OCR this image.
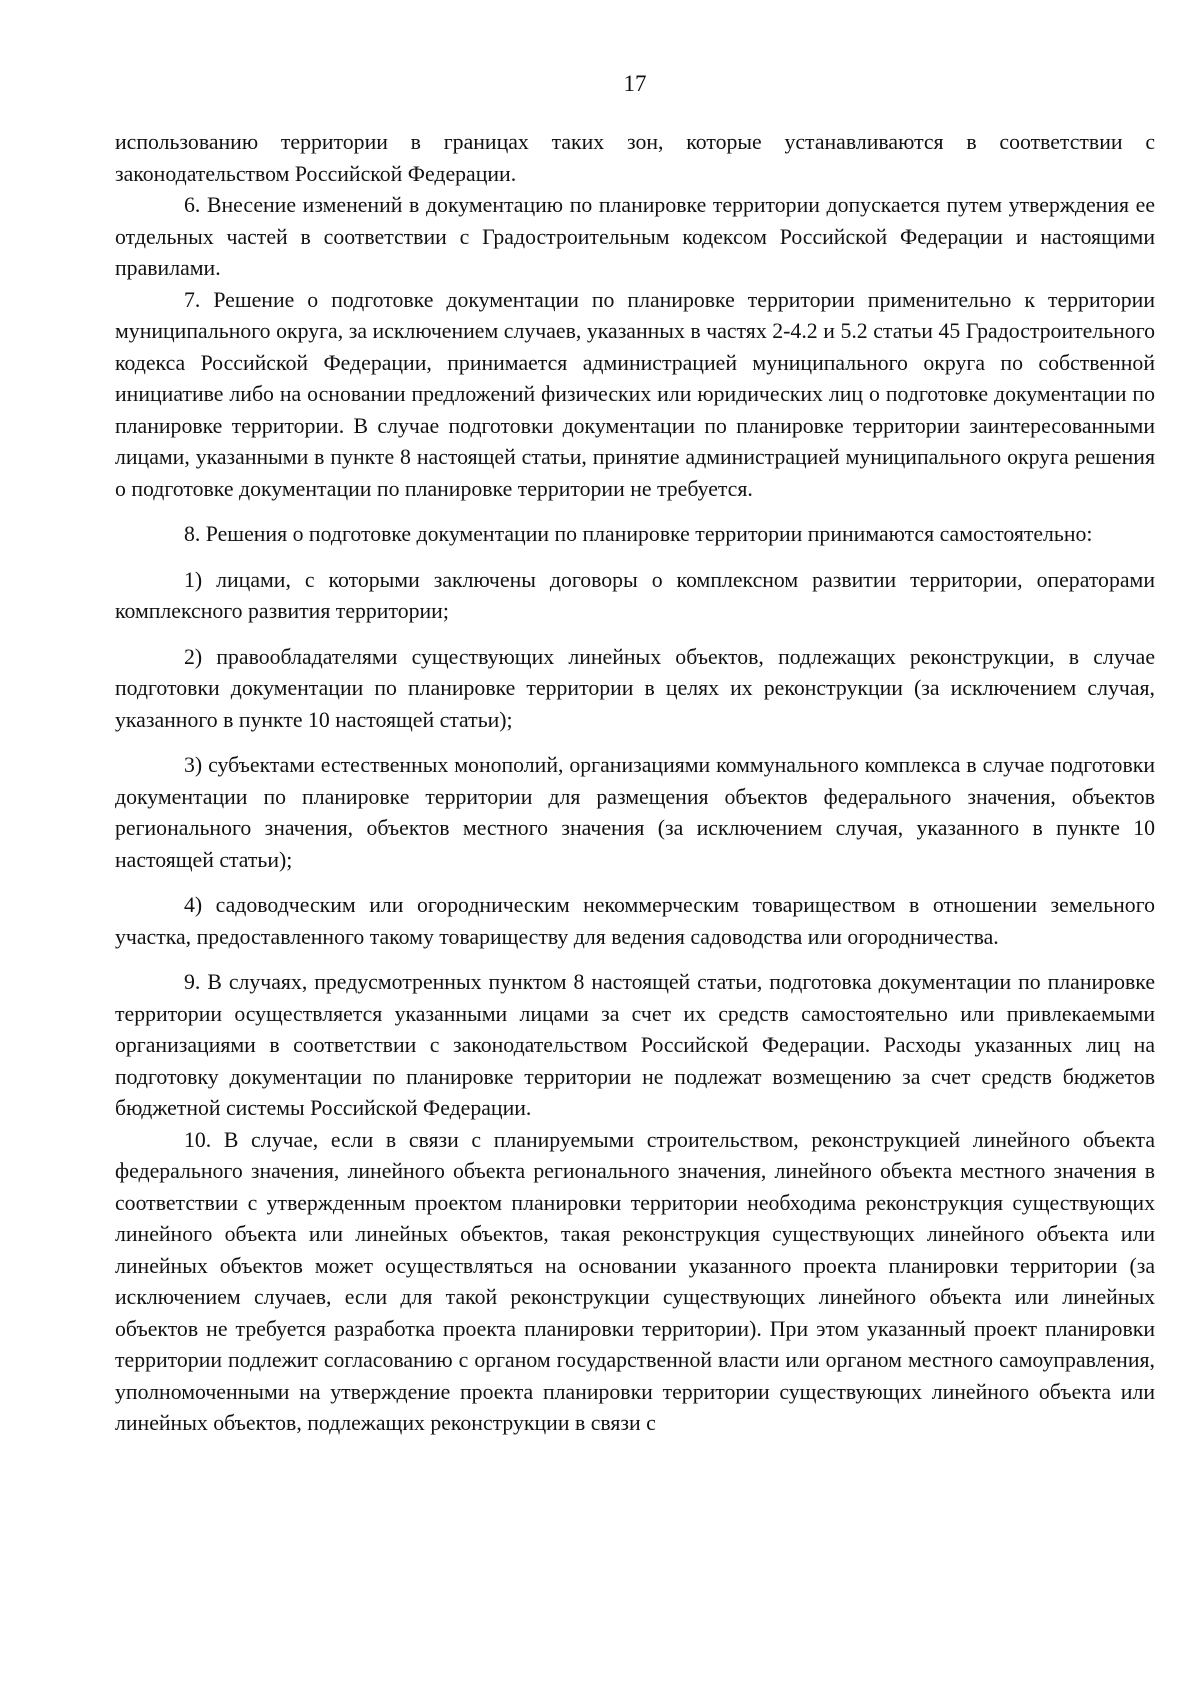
17

использованию территории в границах таких зон, которые устанавливаются в соответствии с законодательством Российской Федерации.

6. Внесение изменений в документацию по планировке территории допускается путем утверждения ее отдельных частей в соответствии с Градостроительным кодексом Российской Федерации и настоящими правилами.

7. Решение о подготовке документации по планировке территории применительно к территории муниципального округа, за исключением случаев, указанных в частях 2-4.2 и 5.2 статьи 45 Градостроительного кодекса Российской Федерации, принимается администрацией муниципального округа по собственной инициативе либо на основании предложений физических или юридических лиц о подготовке документации по планировке территории. В случае подготовки документации по планировке территории заинтересованными лицами, указанными в пункте 8 настоящей статьи, принятие администрацией муниципального округа решения о подготовке документации по планировке территории не требуется.

8. Решения о подготовке документации по планировке территории принимаются самостоятельно:

1) лицами, с которыми заключены договоры о комплексном развитии территории, операторами комплексного развития территории;

2) правообладателями существующих линейных объектов, подлежащих реконструкции, в случае подготовки документации по планировке территории в целях их реконструкции (за исключением случая, указанного в пункте 10 настоящей статьи);

3) субъектами естественных монополий, организациями коммунального комплекса в случае подготовки документации по планировке территории для размещения объектов федерального значения, объектов регионального значения, объектов местного значения (за исключением случая, указанного в пункте 10 настоящей статьи);

4) садоводческим или огородническим некоммерческим товариществом в отношении земельного участка, предоставленного такому товариществу для ведения садоводства или огородничества.

9. В случаях, предусмотренных пунктом 8 настоящей статьи, подготовка документации по планировке территории осуществляется указанными лицами за счет их средств самостоятельно или привлекаемыми организациями в соответствии с законодательством Российской Федерации. Расходы указанных лиц на подготовку документации по планировке территории не подлежат возмещению за счет средств бюджетов бюджетной системы Российской Федерации.

10. В случае, если в связи с планируемыми строительством, реконструкцией линейного объекта федерального значения, линейного объекта регионального значения, линейного объекта местного значения в соответствии с утвержденным проектом планировки территории необходима реконструкция существующих линейного объекта или линейных объектов, такая реконструкция существующих линейного объекта или линейных объектов может осуществляться на основании указанного проекта планировки территории (за исключением случаев, если для такой реконструкции существующих линейного объекта или линейных объектов не требуется разработка проекта планировки территории). При этом указанный проект планировки территории подлежит согласованию с органом государственной власти или органом местного самоуправления, уполномоченными на утверждение проекта планировки территории существующих линейного объекта или линейных объектов, подлежащих реконструкции в связи с
